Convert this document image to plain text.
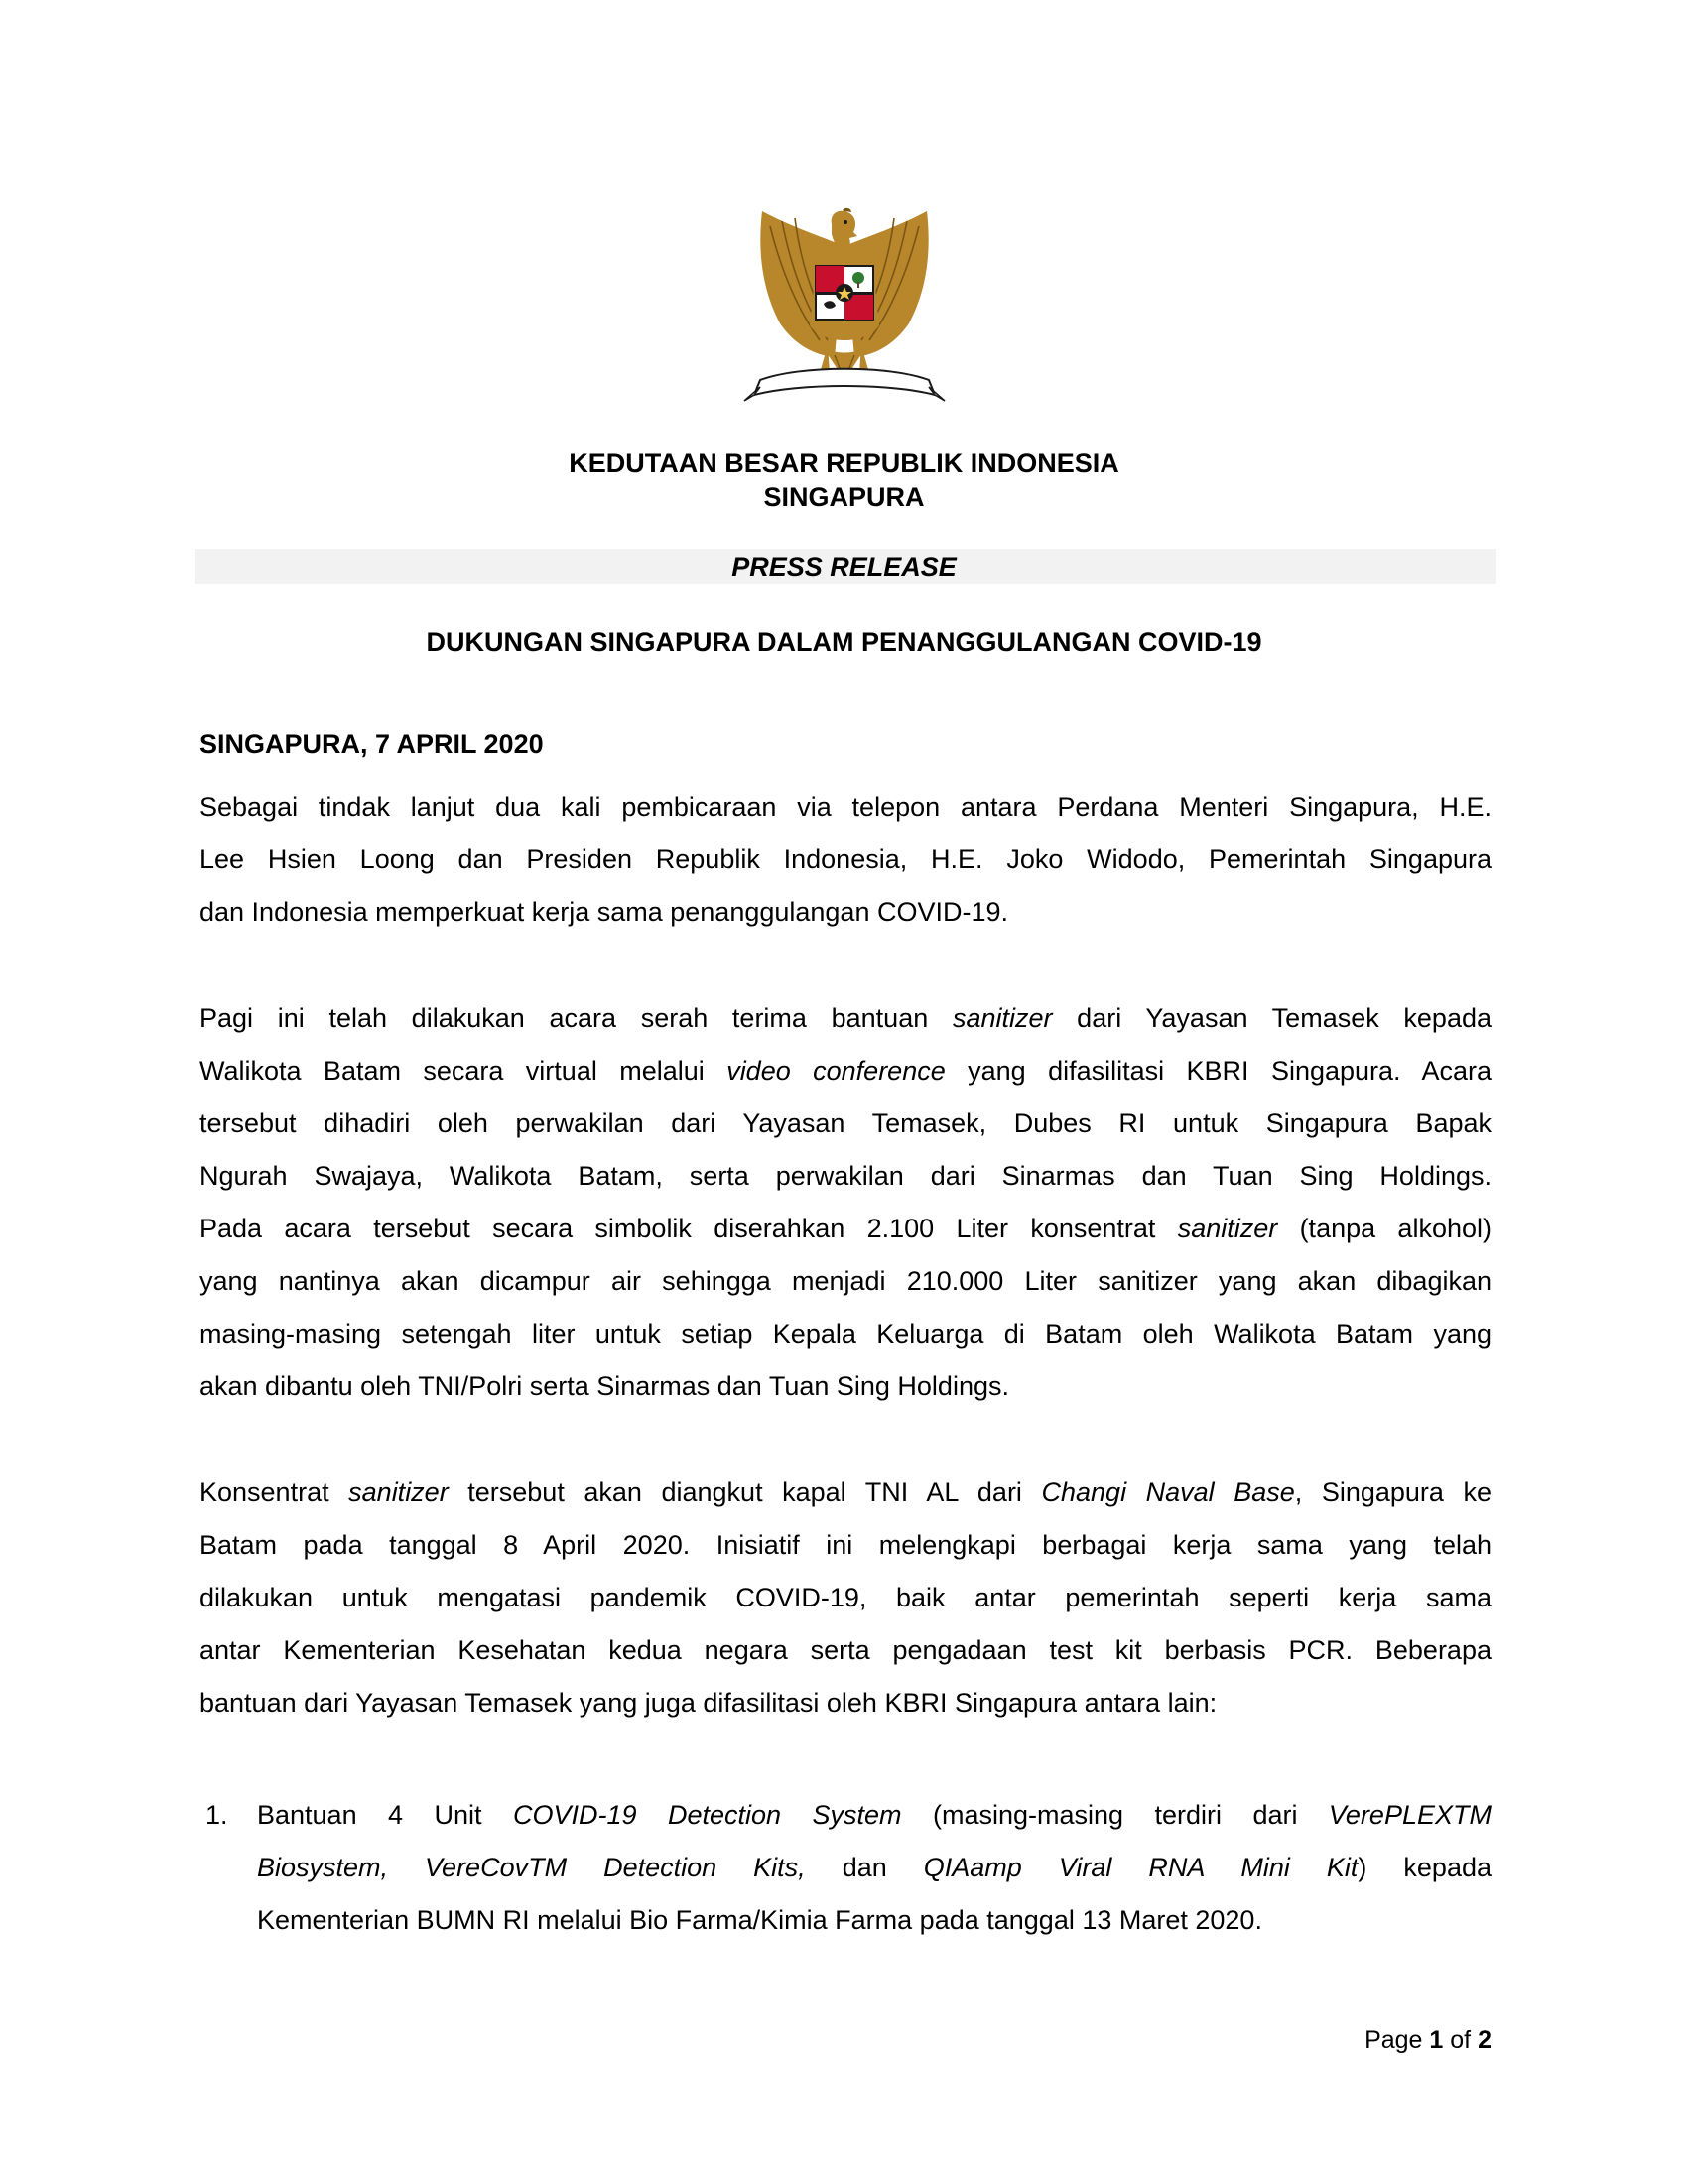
KEDUTAAN BESAR REPUBLIK INDONESIA
SINGAPURA
PRESS RELEASE
DUKUNGAN SINGAPURA DALAM PENANGGULANGAN COVID-19
SINGAPURA, 7 APRIL 2020
Sebagai tindak lanjut dua kali pembicaraan via telepon antara Perdana Menteri Singapura, H.E.
Lee Hsien Loong dan Presiden Republik Indonesia, H.E. Joko Widodo, Pemerintah Singapura
dan Indonesia memperkuat kerja sama penanggulangan COVID-19.
Pagi ini telah dilakukan acara serah terima bantuan sanitizer dari Yayasan Temasek kepada
Walikota Batam secara virtual melalui video conference yang difasilitasi KBRI Singapura. Acara
tersebut dihadiri oleh perwakilan dari Yayasan Temasek, Dubes RI untuk Singapura Bapak
Ngurah Swajaya, Walikota Batam, serta perwakilan dari Sinarmas dan Tuan Sing Holdings.
Pada acara tersebut secara simbolik diserahkan 2.100 Liter konsentrat sanitizer (tanpa alkohol)
yang nantinya akan dicampur air sehingga menjadi 210.000 Liter sanitizer yang akan dibagikan
masing-masing setengah liter untuk setiap Kepala Keluarga di Batam oleh Walikota Batam yang
akan dibantu oleh TNI/Polri serta Sinarmas dan Tuan Sing Holdings.
Konsentrat sanitizer tersebut akan diangkut kapal TNI AL dari Changi Naval Base, Singapura ke
Batam pada tanggal 8 April 2020. Inisiatif ini melengkapi berbagai kerja sama yang telah
dilakukan untuk mengatasi pandemik COVID-19, baik antar pemerintah seperti kerja sama
antar Kementerian Kesehatan kedua negara serta pengadaan test kit berbasis PCR. Beberapa
bantuan dari Yayasan Temasek yang juga difasilitasi oleh KBRI Singapura antara lain:
1. Bantuan 4 Unit COVID-19 Detection System (masing-masing terdiri dari VerePLEXTM
Biosystem, VereCovTM Detection Kits, dan QIAamp Viral RNA Mini Kit) kepada
Kementerian BUMN RI melalui Bio Farma/Kimia Farma pada tanggal 13 Maret 2020.
Page 1 of 2
